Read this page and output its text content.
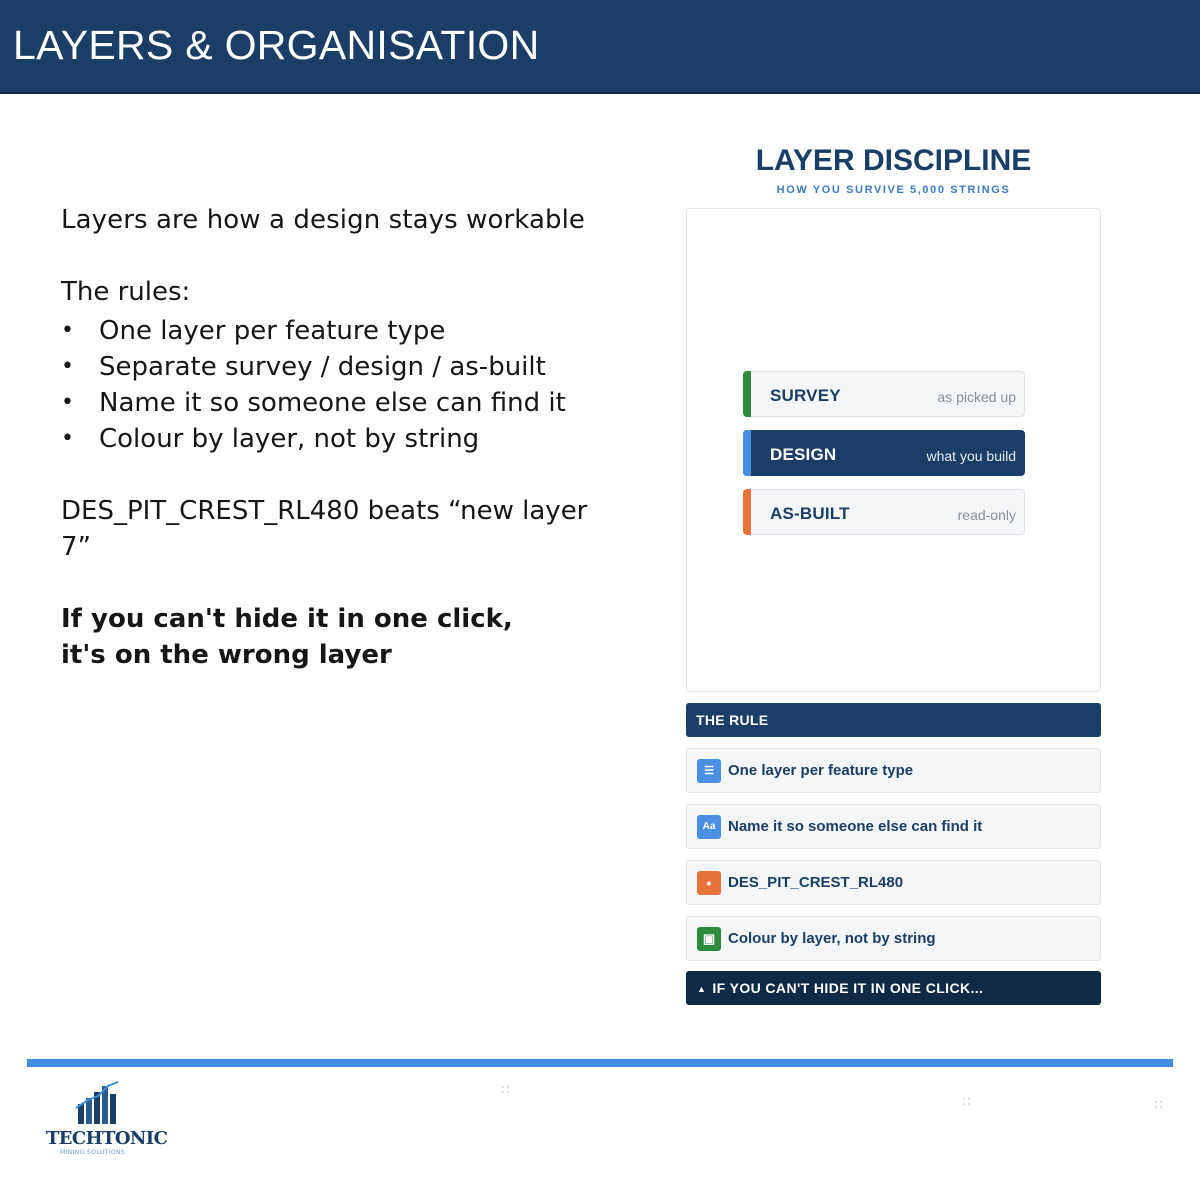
LAYERS & ORGANISATION
Layers are how a design stays workable
The rules:
• One layer per feature type
• Separate survey / design / as-built
• Name it so someone else can find it
• Colour by layer, not by string
DES_PIT_CREST_RL480 beats “new layer 7”
If you can't hide it in one click,
it's on the wrong layer
LAYER DISCIPLINE
HOW YOU SURVIVE 5,000 STRINGS
SURVEY	as picked up
DESIGN	what you build
AS-BUILT	read-only
THE RULE
☰ One layer per feature type
Aa Name it so someone else can find it
•	DES_PIT_CREST_RL480
▣ Colour by layer, not by string
▲ IF YOU CAN'T HIDE IT IN ONE CLICK...
TECHTONIC
MINING SOLUTIONS
